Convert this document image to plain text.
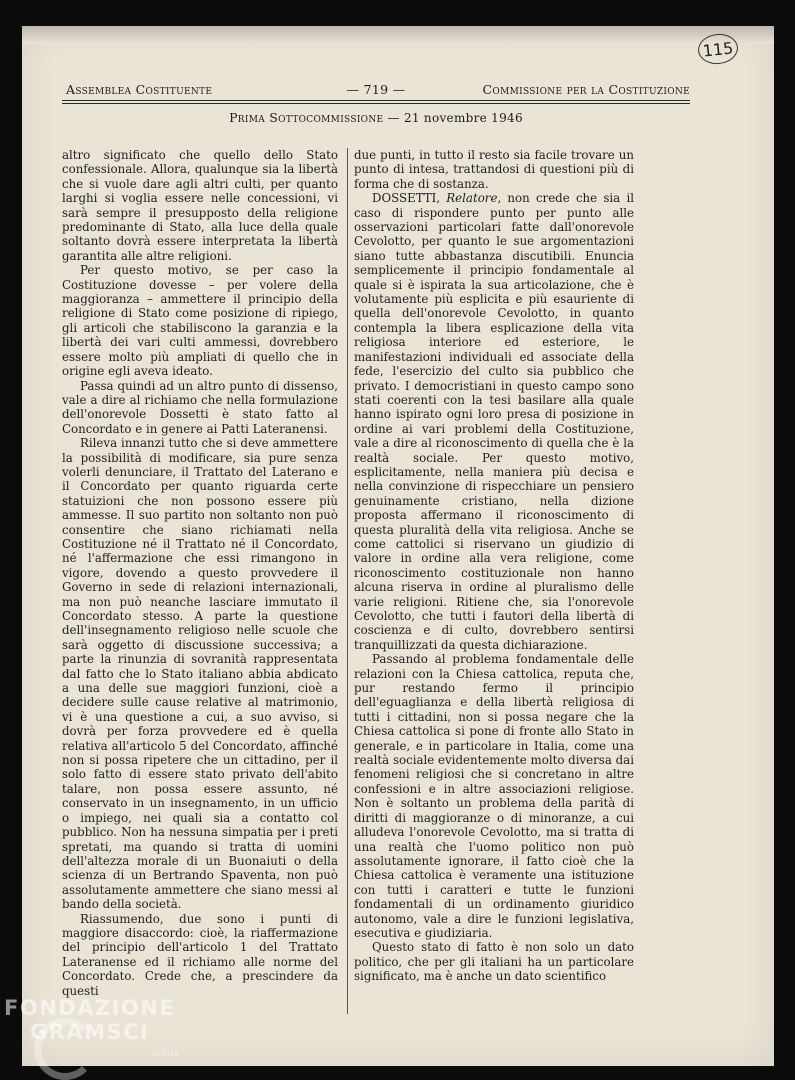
115
Assemblea Costituente	— 719 —	Commissione per la Costituzione
Prima Sottocommissione — 21 novembre 1946

altro significato che quello dello Stato confessionale. Allora, qualunque sia la libertà che si vuole dare agli altri culti, per quanto larghi si voglia essere nelle concessioni, vi sarà sempre il presupposto della religione predominante di Stato, alla luce della quale soltanto dovrà essere interpretata la libertà garantita alle altre religioni.

Per questo motivo, se per caso la Costituzione dovesse – per volere della maggioranza – ammettere il principio della religione di Stato come posizione di ripiego, gli articoli che stabiliscono la garanzia e la libertà dei vari culti ammessi, dovrebbero essere molto più ampliati di quello che in origine egli aveva ideato.

Passa quindi ad un altro punto di dissenso, vale a dire al richiamo che nella formulazione dell'onorevole Dossetti è stato fatto al Concordato e in genere ai Patti Lateranensi.

Rileva innanzi tutto che si deve ammettere la possibilità di modificare, sia pure senza volerli denunciare, il Trattato del Laterano e il Concordato per quanto riguarda certe statuizioni che non possono essere più ammesse. Il suo partito non soltanto non può consentire che siano richiamati nella Costituzione né il Trattato né il Concordato, né l'affermazione che essi rimangono in vigore, dovendo a questo provvedere il Governo in sede di relazioni internazionali, ma non può neanche lasciare immutato il Concordato stesso. A parte la questione dell'insegnamento religioso nelle scuole che sarà oggetto di discussione successiva; a parte la rinunzia di sovranità rappresentata dal fatto che lo Stato italiano abbia abdicato a una delle sue maggiori funzioni, cioè a decidere sulle cause relative al matrimonio, vi è una questione a cui, a suo avviso, si dovrà per forza provvedere ed è quella relativa all'articolo 5 del Concordato, affinché non si possa ripetere che un cittadino, per il solo fatto di essere stato privato dell'abito talare, non possa essere assunto, né conservato in un insegnamento, in un ufficio o impiego, nei quali sia a contatto col pubblico. Non ha nessuna simpatia per i preti spretati, ma quando si tratta di uomini dell'altezza morale di un Buonaiuti o della scienza di un Bertrando Spaventa, non può assolutamente ammettere che siano messi al bando della società.

Riassumendo, due sono i punti di maggiore disaccordo: cioè, la riaffermazione del principio dell'articolo 1 del Trattato Lateranense ed il richiamo alle norme del Concordato. Crede che, a prescindere da questi

due punti, in tutto il resto sia facile trovare un punto di intesa, trattandosi di questioni più di forma che di sostanza.

DOSSETTI, Relatore, non crede che sia il caso di rispondere punto per punto alle osservazioni particolari fatte dall'onorevole Cevolotto, per quanto le sue argomentazioni siano tutte abbastanza discutibili. Enuncia semplicemente il principio fondamentale al quale si è ispirata la sua articolazione, che è volutamente più esplicita e più esauriente di quella dell'onorevole Cevolotto, in quanto contempla la libera esplicazione della vita religiosa interiore ed esteriore, le manifestazioni individuali ed associate della fede, l'esercizio del culto sia pubblico che privato. I democristiani in questo campo sono stati coerenti con la tesi basilare alla quale hanno ispirato ogni loro presa di posizione in ordine ai vari problemi della Costituzione, vale a dire al riconoscimento di quella che è la realtà sociale. Per questo motivo, esplicitamente, nella maniera più decisa e nella convinzione di rispecchiare un pensiero genuinamente cristiano, nella dizione proposta affermano il riconoscimento di questa pluralità della vita religiosa. Anche se come cattolici si riservano un giudizio di valore in ordine alla vera religione, come riconoscimento costituzionale non hanno alcuna riserva in ordine al pluralismo delle varie religioni. Ritiene che, sia l'onorevole Cevolotto, che tutti i fautori della libertà di coscienza e di culto, dovrebbero sentirsi tranquillizzati da questa dichiarazione.

Passando al problema fondamentale delle relazioni con la Chiesa cattolica, reputa che, pur restando fermo il principio dell'eguaglianza e della libertà religiosa di tutti i cittadini, non si possa negare che la Chiesa cattolica si pone di fronte allo Stato in generale, e in particolare in Italia, come una realtà sociale evidentemente molto diversa dai fenomeni religiosi che si concretano in altre confessioni e in altre associazioni religiose. Non è soltanto un problema della parità di diritti di maggioranze o di minoranze, a cui alludeva l'onorevole Cevolotto, ma si tratta di una realtà che l'uomo politico non può assolutamente ignorare, il fatto cioè che la Chiesa cattolica è veramente una istituzione con tutti i caratteri e tutte le funzioni fondamentali di un ordinamento giuridico autonomo, vale a dire le funzioni legislativa, esecutiva e giudiziaria.

Questo stato di fatto è non solo un dato politico, che per gli italiani ha un particolare significato, ma è anche un dato scientifico

FONDAZIONE
GRAMSCI
onlus
